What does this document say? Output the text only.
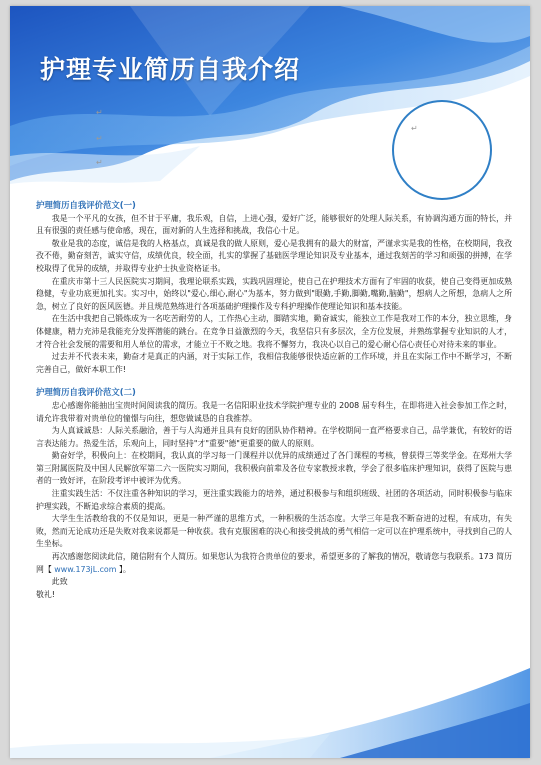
护理专业简历自我介绍
↵
↵
↵
↵
护理简历自我评价范文(一)

我是一个平凡的女孩，但不甘于平庸，我乐观，自信，上进心强，爱好广泛，能够很好的处理人际关系，有协调沟通方面的特长，并且有很强的责任感与使命感，现在，面对新的人生选择和挑战，我信心十足。

敬业是我的态度，诚信是我的人格基点，真诚是我的做人原则，爱心是我拥有的最大的财富，严谨求实是我的性格，在校期间，我孜孜不倦，勤奋刻苦，诚实守信，成绩优良，较全面，扎实的掌握了基础医学理论知识及专业基本，通过我刻苦的学习和顽强的拼搏，在学校取得了优异的成绩，并取得专业护士执业资格证书。

在重庆市第十三人民医院实习期间，我理论联系实践，实践巩固理论，使自己在护理技术方面有了牢固的收获，使自己变得更加成熟稳健，专业功底更加扎实。实习中，始终以"爱心,细心,耐心"为基本，努力做到"眼勤,手勤,脚勤,嘴勤,脑勤"，想病人之所想，急病人之所急，树立了良好的医风医德。并且规范熟练进行各项基础护理操作及专科护理操作使理论知识和基本技能。

在生活中我把自己锻炼成为一名吃苦耐劳的人，工作热心主动，脚踏实地，勤奋诚实，能独立工作是我对工作的本分，独立思维，身体健康，精力充沛是我能充分发挥潜能的跳台。在竞争日益激烈的今天，我坚信只有多层次，全方位发展，并熟练掌握专业知识的人才，才符合社会发展的需要和用人单位的需求，才能立于不败之地。我将不懈努力，我决心以自己的爱心耐心信心责任心对待未来的事业。

过去并不代表未来，勤奋才是真正的内涵，对于实际工作，我相信我能够很快适应新的工作环境，并且在实际工作中不断学习，不断完善自己，做好本职工作!

护理简历自我评价范文(二)

忠心感谢你能抽出宝贵时间阅读我的简历。我是一名信阳职业技术学院护理专业的 2008 届专科生，在即将进入社会参加工作之时，请允许我带着对贵单位的憧憬与向往，想您做诚恳的自我推荐。

为人真诚诚恳：人际关系融洽，善于与人沟通并且具有良好的团队协作精神。在学校期间一直严格要求自己，品学兼优，有较好的语言表达能力。热爱生活，乐观向上，同时坚持"才"重要"德"更重要的做人的原则。

勤奋好学，积极向上：在校期间，我认真的学习每一门课程并以优异的成绩通过了各门课程的考核，曾获得三等奖学金。在郑州大学第三附属医院及中国人民解放军第二六一医院实习期间，我积极向前辈及各位专家教授求教，学会了很多临床护理知识，获得了医院与患者的一致好评，在阶段考评中被评为优秀。

注重实践生活：不仅注重各种知识的学习，更注重实践能力的培养，通过积极参与和组织班级、社团的各项活动，同时积极参与临床护理实践，不断追求综合素质的提高。

大学生生活教给我的不仅是知识，更是一种严谨的思维方式，一种积极的生活态度。大学三年是我不断奋进的过程，有成功，有失败，然而无论成功还是失败对我来说都是一种收获。我有克服困难的决心和接受挑战的勇气相信一定可以在护理系统中，寻找到自己的人生坐标。

再次感谢您阅读此信，随信附有个人简历。如果您认为我符合贵单位的要求，希望更多的了解我的情况，敬请您与我联系。173 简历网【 www.173jL.com 】。

此致

敬礼!
